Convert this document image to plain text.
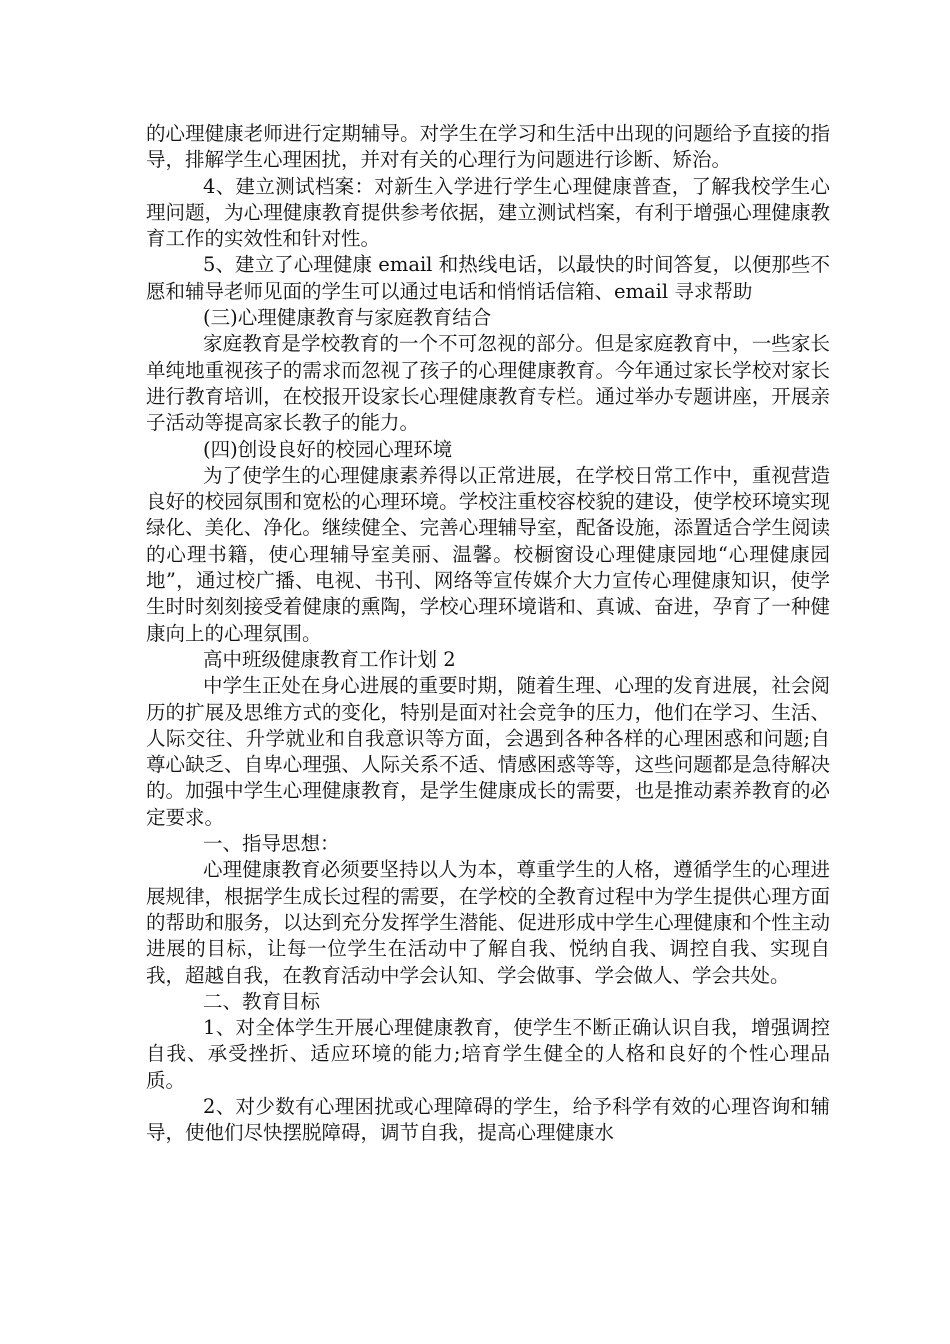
的心理健康老师进行定期辅导。对学生在学习和生活中出现的问题给予直接的指导，排解学生心理困扰，并对有关的心理行为问题进行诊断、矫治。

4、建立测试档案：对新生入学进行学生心理健康普查，了解我校学生心理问题，为心理健康教育提供参考依据，建立测试档案，有利于增强心理健康教育工作的实效性和针对性。

5、建立了心理健康 email 和热线电话，以最快的时间答复，以便那些不愿和辅导老师见面的学生可以通过电话和悄悄话信箱、email 寻求帮助

(三)心理健康教育与家庭教育结合

家庭教育是学校教育的一个不可忽视的部分。但是家庭教育中，一些家长单纯地重视孩子的需求而忽视了孩子的心理健康教育。今年通过家长学校对家长进行教育培训，在校报开设家长心理健康教育专栏。通过举办专题讲座，开展亲子活动等提高家长教子的能力。

(四)创设良好的校园心理环境

为了使学生的心理健康素养得以正常进展，在学校日常工作中，重视营造良好的校园氛围和宽松的心理环境。学校注重校容校貌的建设，使学校环境实现绿化、美化、净化。继续健全、完善心理辅导室，配备设施，添置适合学生阅读的心理书籍，使心理辅导室美丽、温馨。校橱窗设心理健康园地“心理健康园地”，通过校广播、电视、书刊、网络等宣传媒介大力宣传心理健康知识，使学生时时刻刻接受着健康的熏陶，学校心理环境谐和、真诚、奋进，孕育了一种健康向上的心理氛围。

高中班级健康教育工作计划 2

中学生正处在身心进展的重要时期，随着生理、心理的发育进展，社会阅历的扩展及思维方式的变化，特别是面对社会竞争的压力，他们在学习、生活、人际交往、升学就业和自我意识等方面，会遇到各种各样的心理困惑和问题;自尊心缺乏、自卑心理强、人际关系不适、情感困惑等等，这些问题都是急待解决的。加强中学生心理健康教育，是学生健康成长的需要，也是推动素养教育的必定要求。

一、指导思想：

心理健康教育必须要坚持以人为本，尊重学生的人格，遵循学生的心理进展规律，根据学生成长过程的需要，在学校的全教育过程中为学生提供心理方面的帮助和服务，以达到充分发挥学生潜能、促进形成中学生心理健康和个性主动进展的目标，让每一位学生在活动中了解自我、悦纳自我、调控自我、实现自我，超越自我，在教育活动中学会认知、学会做事、学会做人、学会共处。

二、教育目标

1、对全体学生开展心理健康教育，使学生不断正确认识自我，增强调控自我、承受挫折、适应环境的能力;培育学生健全的人格和良好的个性心理品质。

2、对少数有心理困扰或心理障碍的学生，给予科学有效的心理咨询和辅导，使他们尽快摆脱障碍，调节自我，提高心理健康水
